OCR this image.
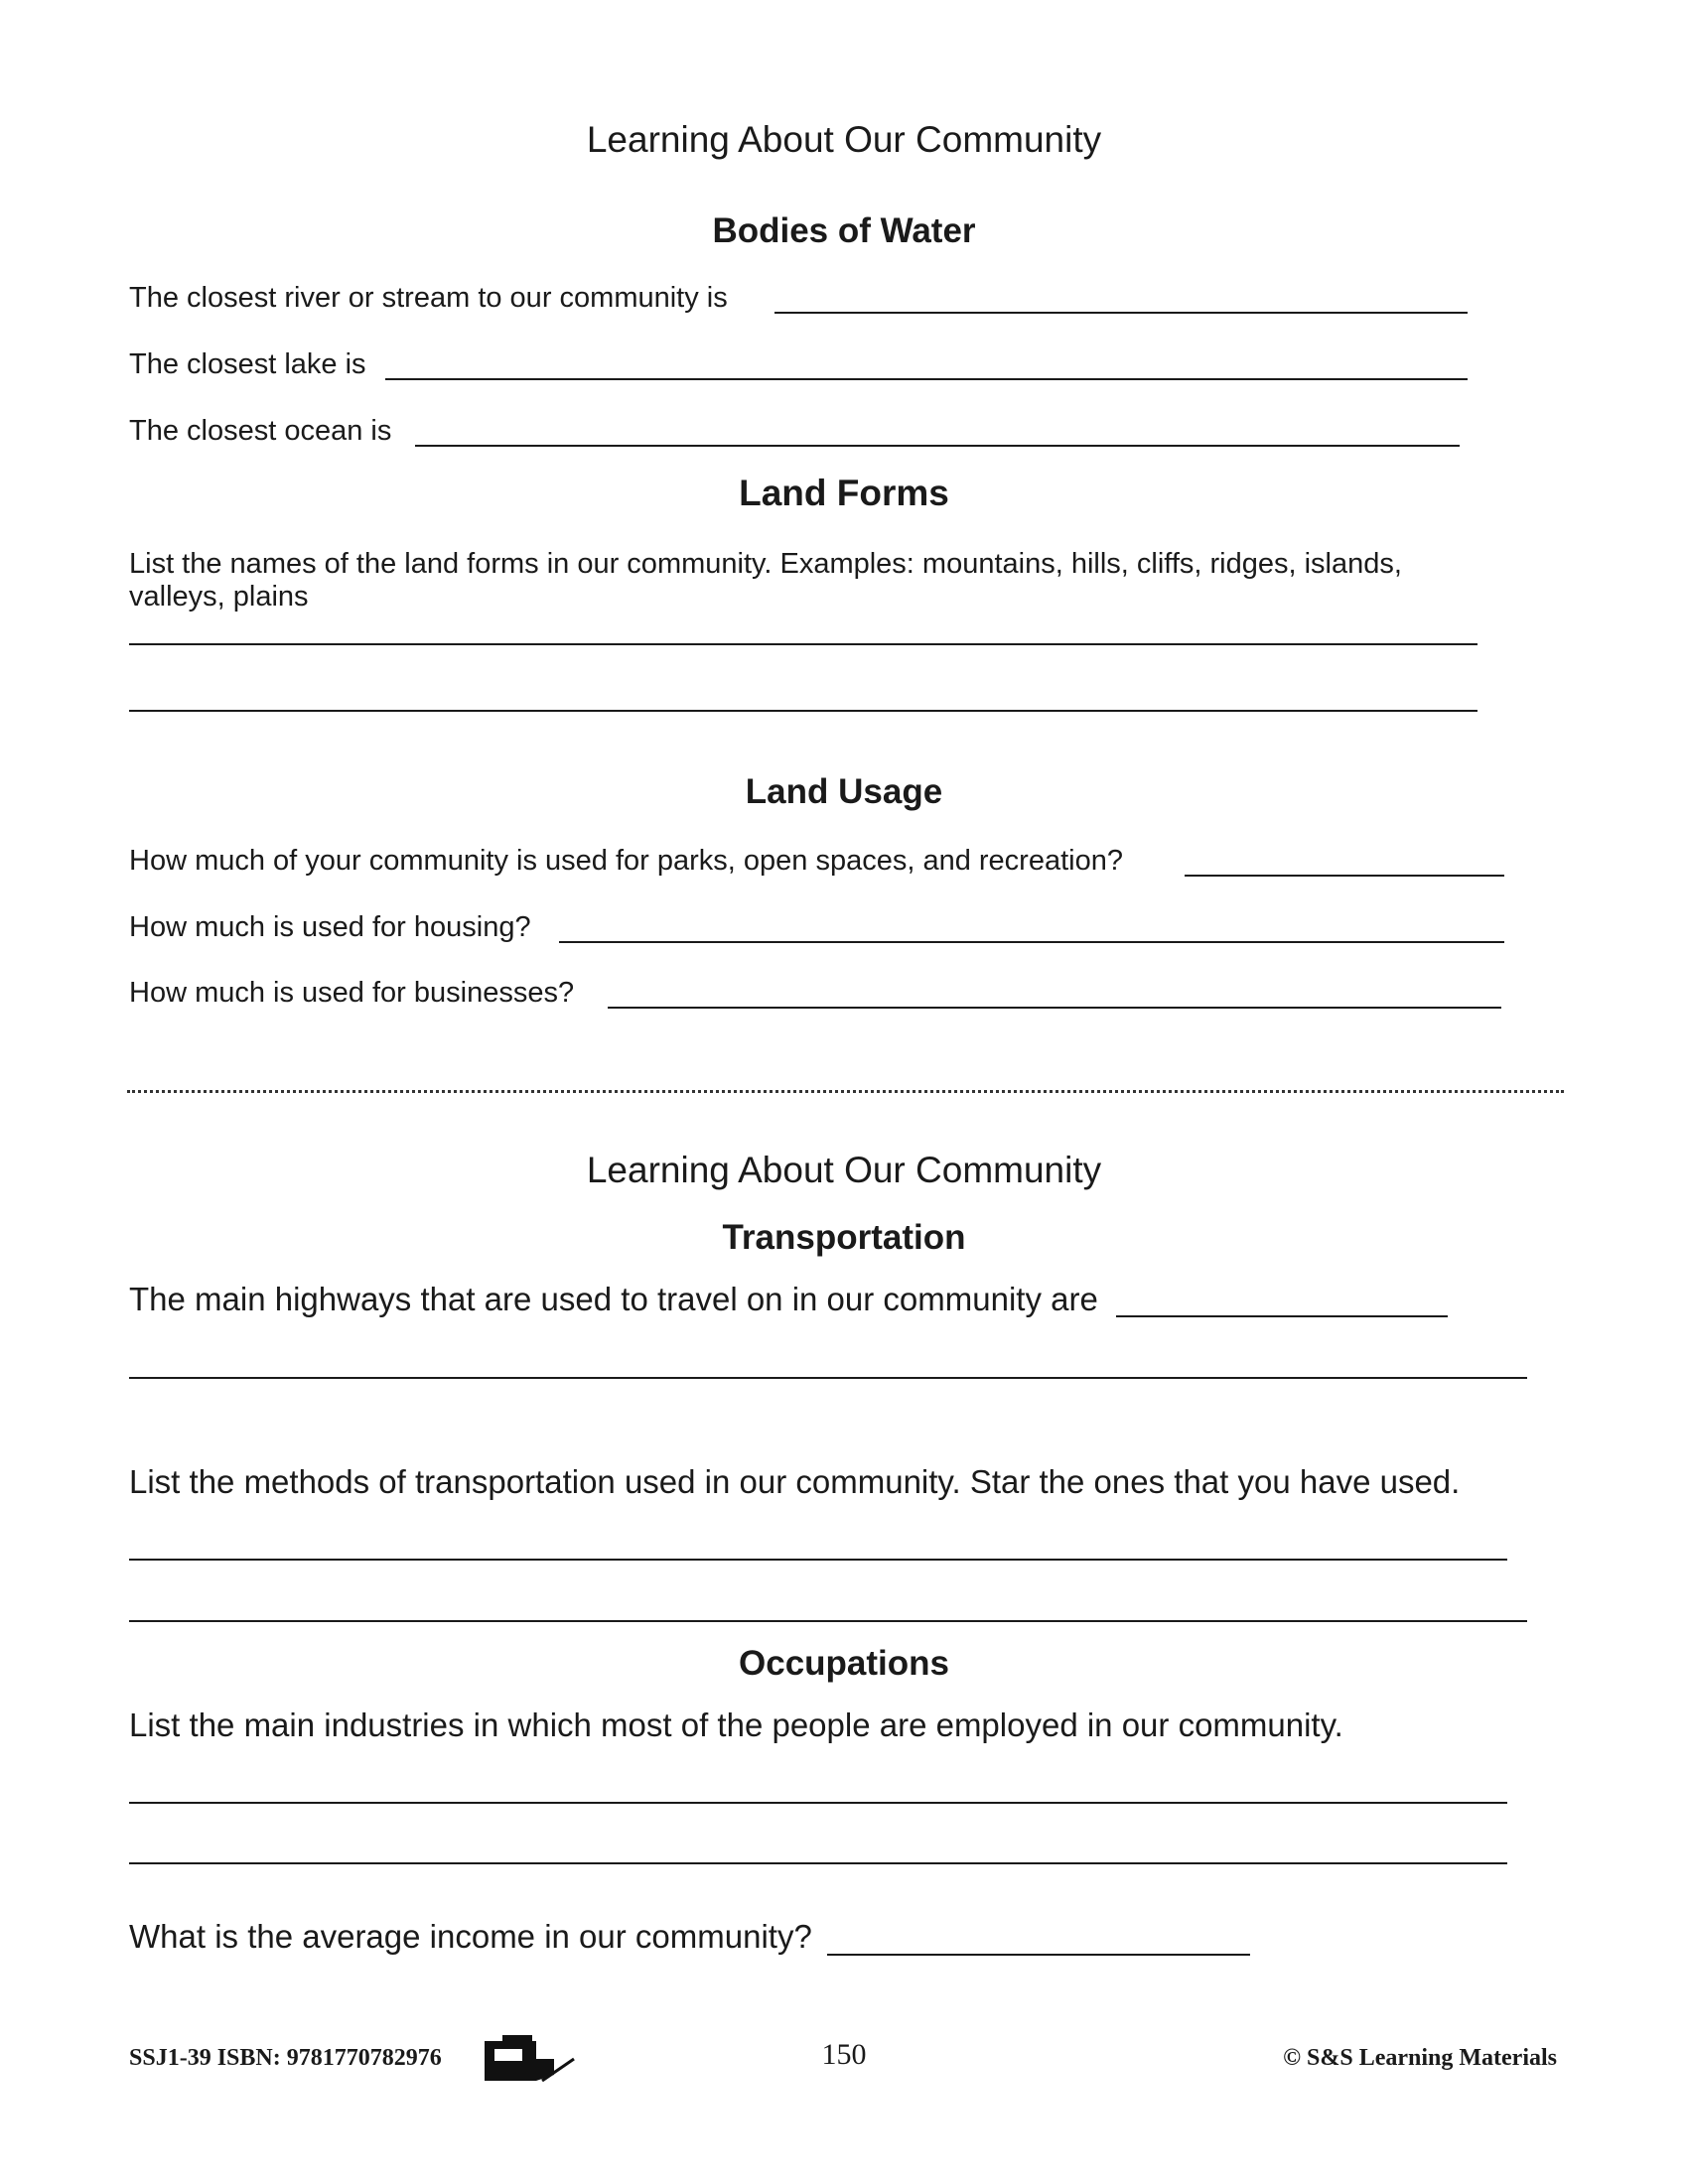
Learning About Our Community
Bodies of Water
The closest river or stream to our community is
The closest lake is
The closest ocean is
Land Forms
List the names of the land forms in our community. Examples: mountains, hills, cliffs, ridges, islands,
valleys, plains
Land Usage
How much of your community is used for parks, open spaces, and recreation?
How much is used for housing?
How much is used for businesses?
Learning About Our Community
Transportation
The main highways that are used to travel on in our community are
List the methods of transportation used in our community. Star the ones that you have used.
Occupations
List the main industries in which most of the people are employed in our community.
What is the average income in our community?
SSJ1-39 ISBN: 9781770782976	150	© S&S Learning Materials
